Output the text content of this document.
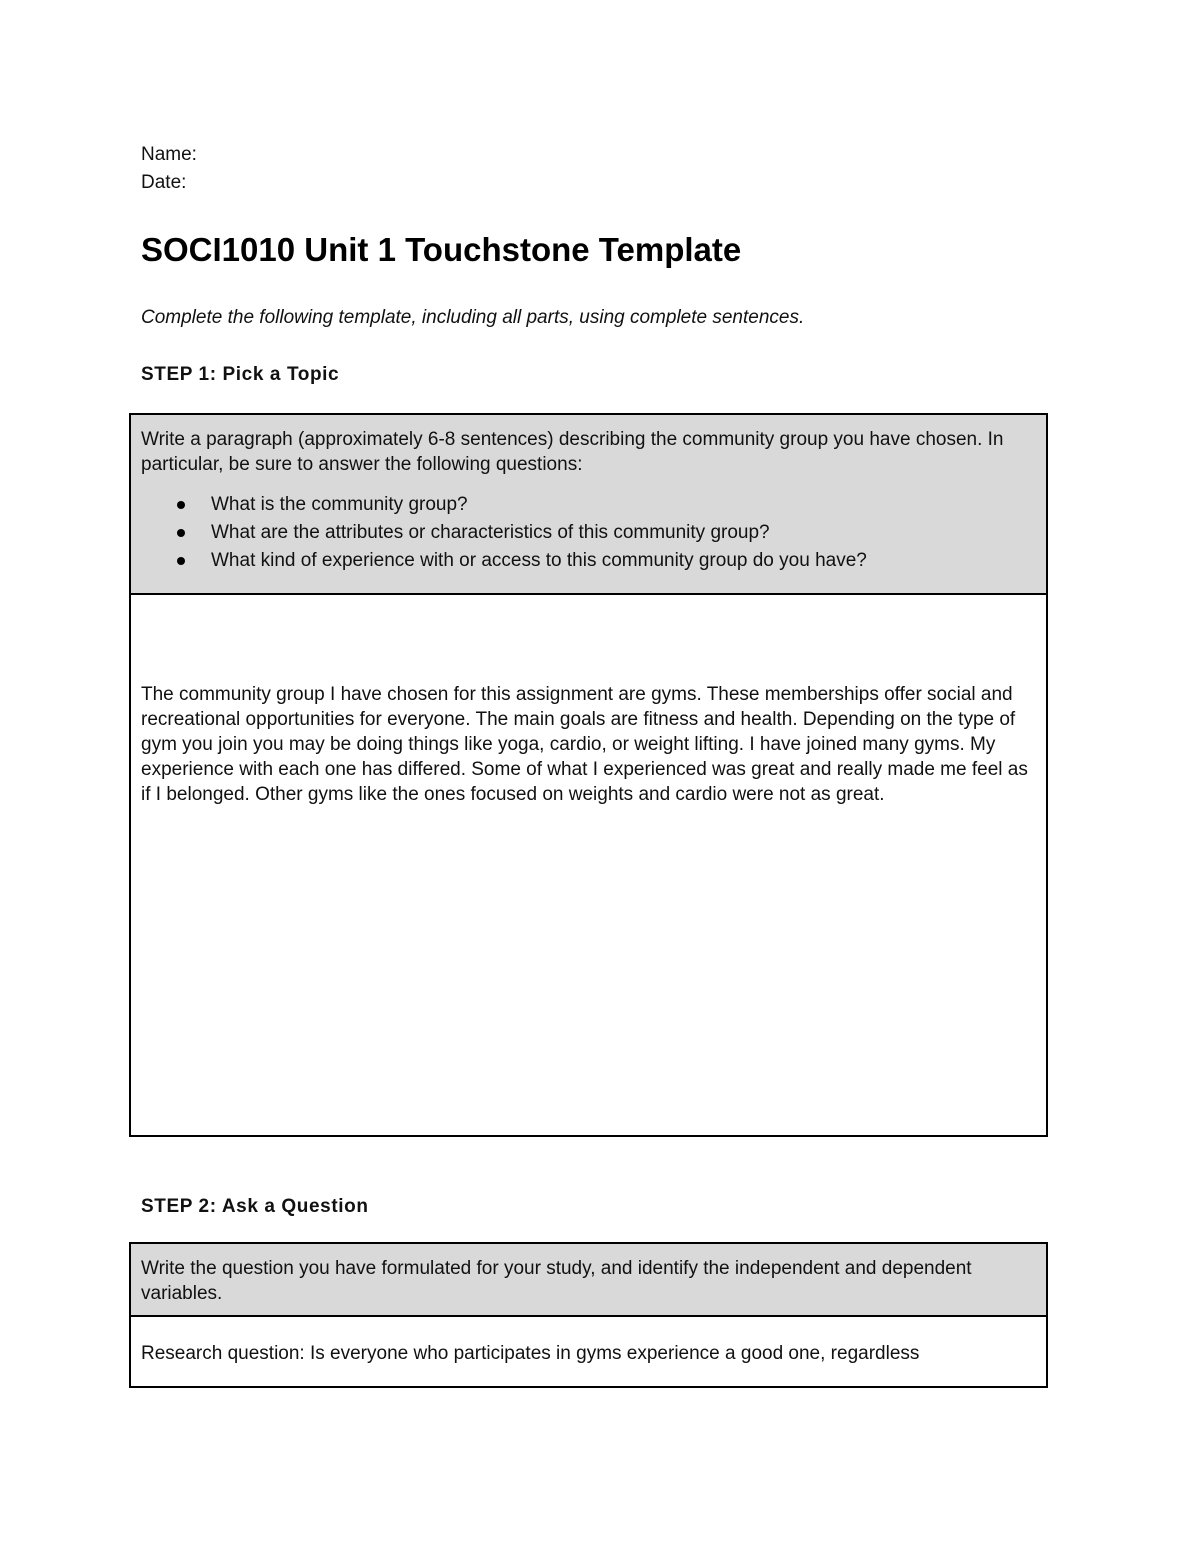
Name:
Date:
SOCI1010 Unit 1 Touchstone Template
Complete the following template, including all parts, using complete sentences.
STEP 1: Pick a Topic
Write a paragraph (approximately 6-8 sentences) describing the community group you have chosen. In particular, be sure to answer the following questions:
What is the community group?
What are the attributes or characteristics of this community group?
What kind of experience with or access to this community group do you have?
The community group I have chosen for this assignment are gyms. These memberships offer social and recreational opportunities for everyone. The main goals are fitness and health. Depending on the type of gym you join you may be doing things like yoga, cardio, or weight lifting. I have joined many gyms. My experience with each one has differed. Some of what I experienced was great and really made me feel as if I belonged. Other gyms like the ones focused on weights and cardio were not as great.
STEP 2: Ask a Question
Write the question you have formulated for your study, and identify the independent and dependent variables.
Research question: Is everyone who participates in gyms experience a good one, regardless
